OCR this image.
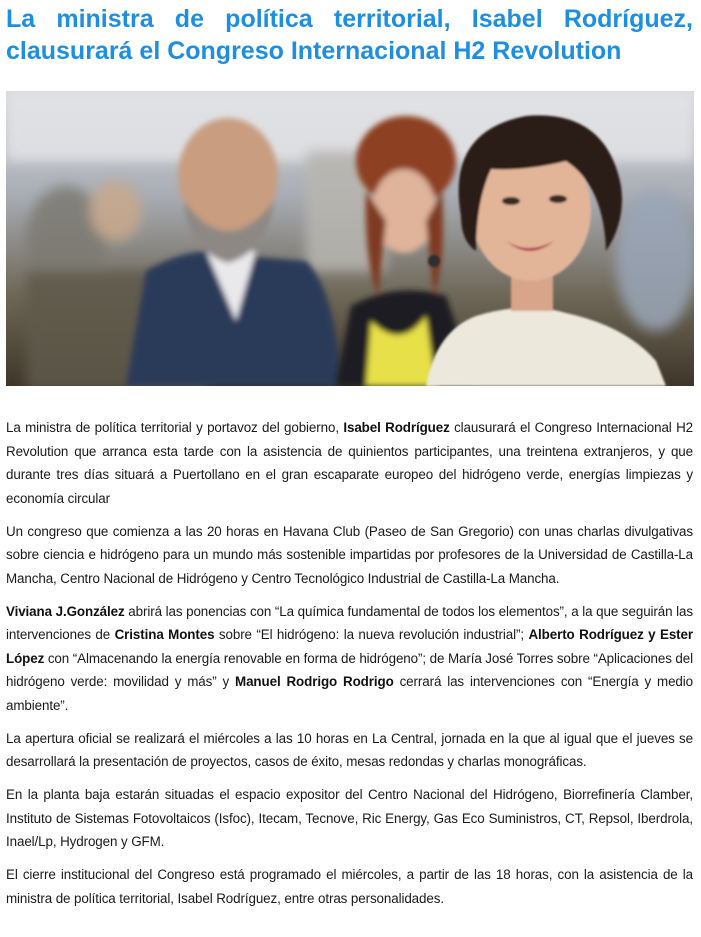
La ministra de política territorial, Isabel Rodríguez, clausurará el Congreso Internacional H2 Revolution

La ministra de política territorial y portavoz del gobierno, Isabel Rodríguez clausurará el Congreso Internacional H2 Revolution que arranca esta tarde con la asistencia de quinientos participantes, una treintena extranjeros, y que durante tres días situará a Puertollano en el gran escaparate europeo del hidrógeno verde, energías limpiezas y economía circular

Un congreso que comienza a las 20 horas en Havana Club (Paseo de San Gregorio) con unas charlas divulgativas sobre ciencia e hidrógeno para un mundo más sostenible impartidas por profesores de la Universidad de Castilla-La Mancha, Centro Nacional de Hidrógeno y Centro Tecnológico Industrial de Castilla-La Mancha.

Viviana J.González abrirá las ponencias con “La química fundamental de todos los elementos”, a la que seguirán las intervenciones de Cristina Montes sobre “El hidrógeno: la nueva revolución industrial”; Alberto Rodríguez y Ester López con “Almacenando la energía renovable en forma de hidrógeno”; de María José Torres sobre “Aplicaciones del hidrógeno verde: movilidad y más” y Manuel Rodrigo Rodrigo cerrará las intervenciones con “Energía y medio ambiente”.

La apertura oficial se realizará el miércoles a las 10 horas en La Central, jornada en la que al igual que el jueves se desarrollará la presentación de proyectos, casos de éxito, mesas redondas y charlas monográficas.

En la planta baja estarán situadas el espacio expositor del Centro Nacional del Hidrógeno, Biorrefinería Clamber, Instituto de Sistemas Fotovoltaicos (Isfoc), Itecam, Tecnove, Ric Energy, Gas Eco Suministros, CT, Repsol, Iberdrola, Inael/Lp, Hydrogen y GFM.

El cierre institucional del Congreso está programado el miércoles, a partir de las 18 horas, con la asistencia de la ministra de política territorial, Isabel Rodríguez, entre otras personalidades.
